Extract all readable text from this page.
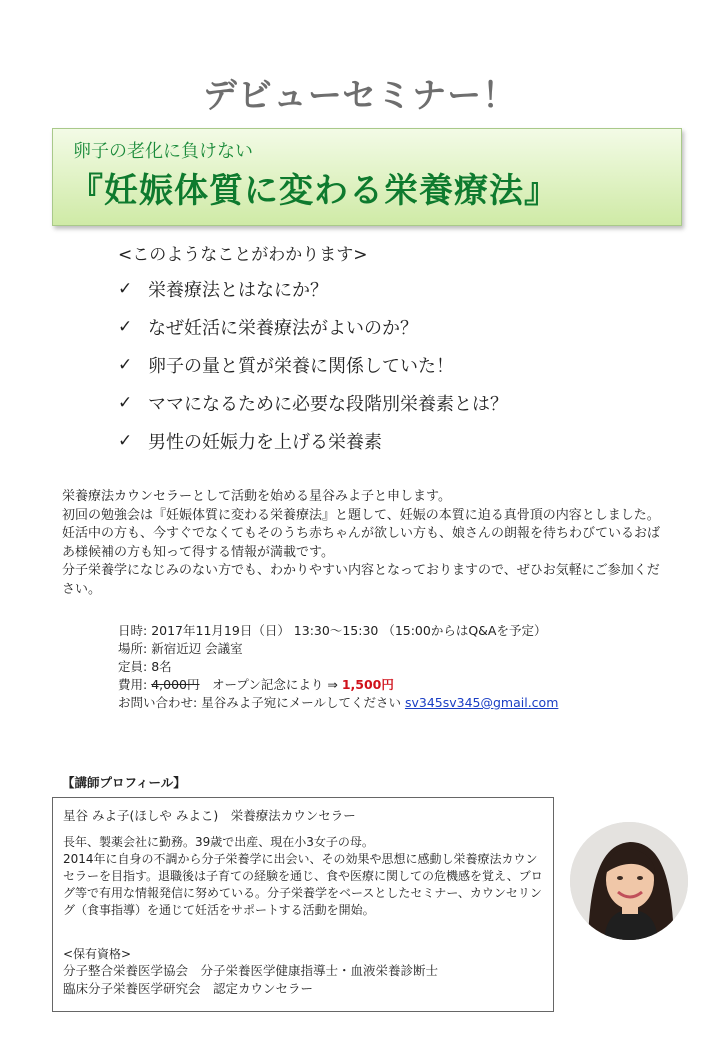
デビューセミナー！
卵子の老化に負けない
『妊娠体質に変わる栄養療法』
<このようなことがわかります>
✓ 栄養療法とはなにか？
✓ なぜ妊活に栄養療法がよいのか？
✓ 卵子の量と質が栄養に関係していた！
✓ ママになるために必要な段階別栄養素とは？
✓ 男性の妊娠力を上げる栄養素

栄養療法カウンセラーとして活動を始める星谷みよ子と申します。

初回の勉強会は『妊娠体質に変わる栄養療法』と題して、妊娠の本質に迫る真骨頂の内容としました。妊活中の方も、今すぐでなくてもそのうち赤ちゃんが欲しい方も、娘さんの朗報を待ちわびているおばあ様候補の方も知って得する情報が満載です。

分子栄養学になじみのない方でも、わかりやすい内容となっておりますので、ぜひお気軽にご参加ください。

日時: 2017年11月19日（日） 13:30～15:30 （15:00からはQ&Aを予定）
場所: 新宿近辺 会議室
定員: 8名
費用: 4,000円　 オープン記念により ⇒ 1,500円
お問い合わせ: 星谷みよ子宛にメールしてください sv345sv345@gmail.com
【講師プロフィール】
星谷 みよ子(ほしや みよこ)　 栄養療法カウンセラー

長年、製薬会社に勤務。39歳で出産、現在小3女子の母。

2014年に自身の不調から分子栄養学に出会い、その効果や思想に感動し栄養療法カウンセラーを目指す。退職後は子育ての経験を通じ、食や医療に関しての危機感を覚え、ブログ等で有用な情報発信に努めている。分子栄養学をベースとしたセミナー、カウンセリング（食事指導）を通じて妊活をサポートする活動を開始。

<保有資格>
分子整合栄養医学協会　分子栄養医学健康指導士・血液栄養診断士
臨床分子栄養医学研究会　認定カウンセラー
